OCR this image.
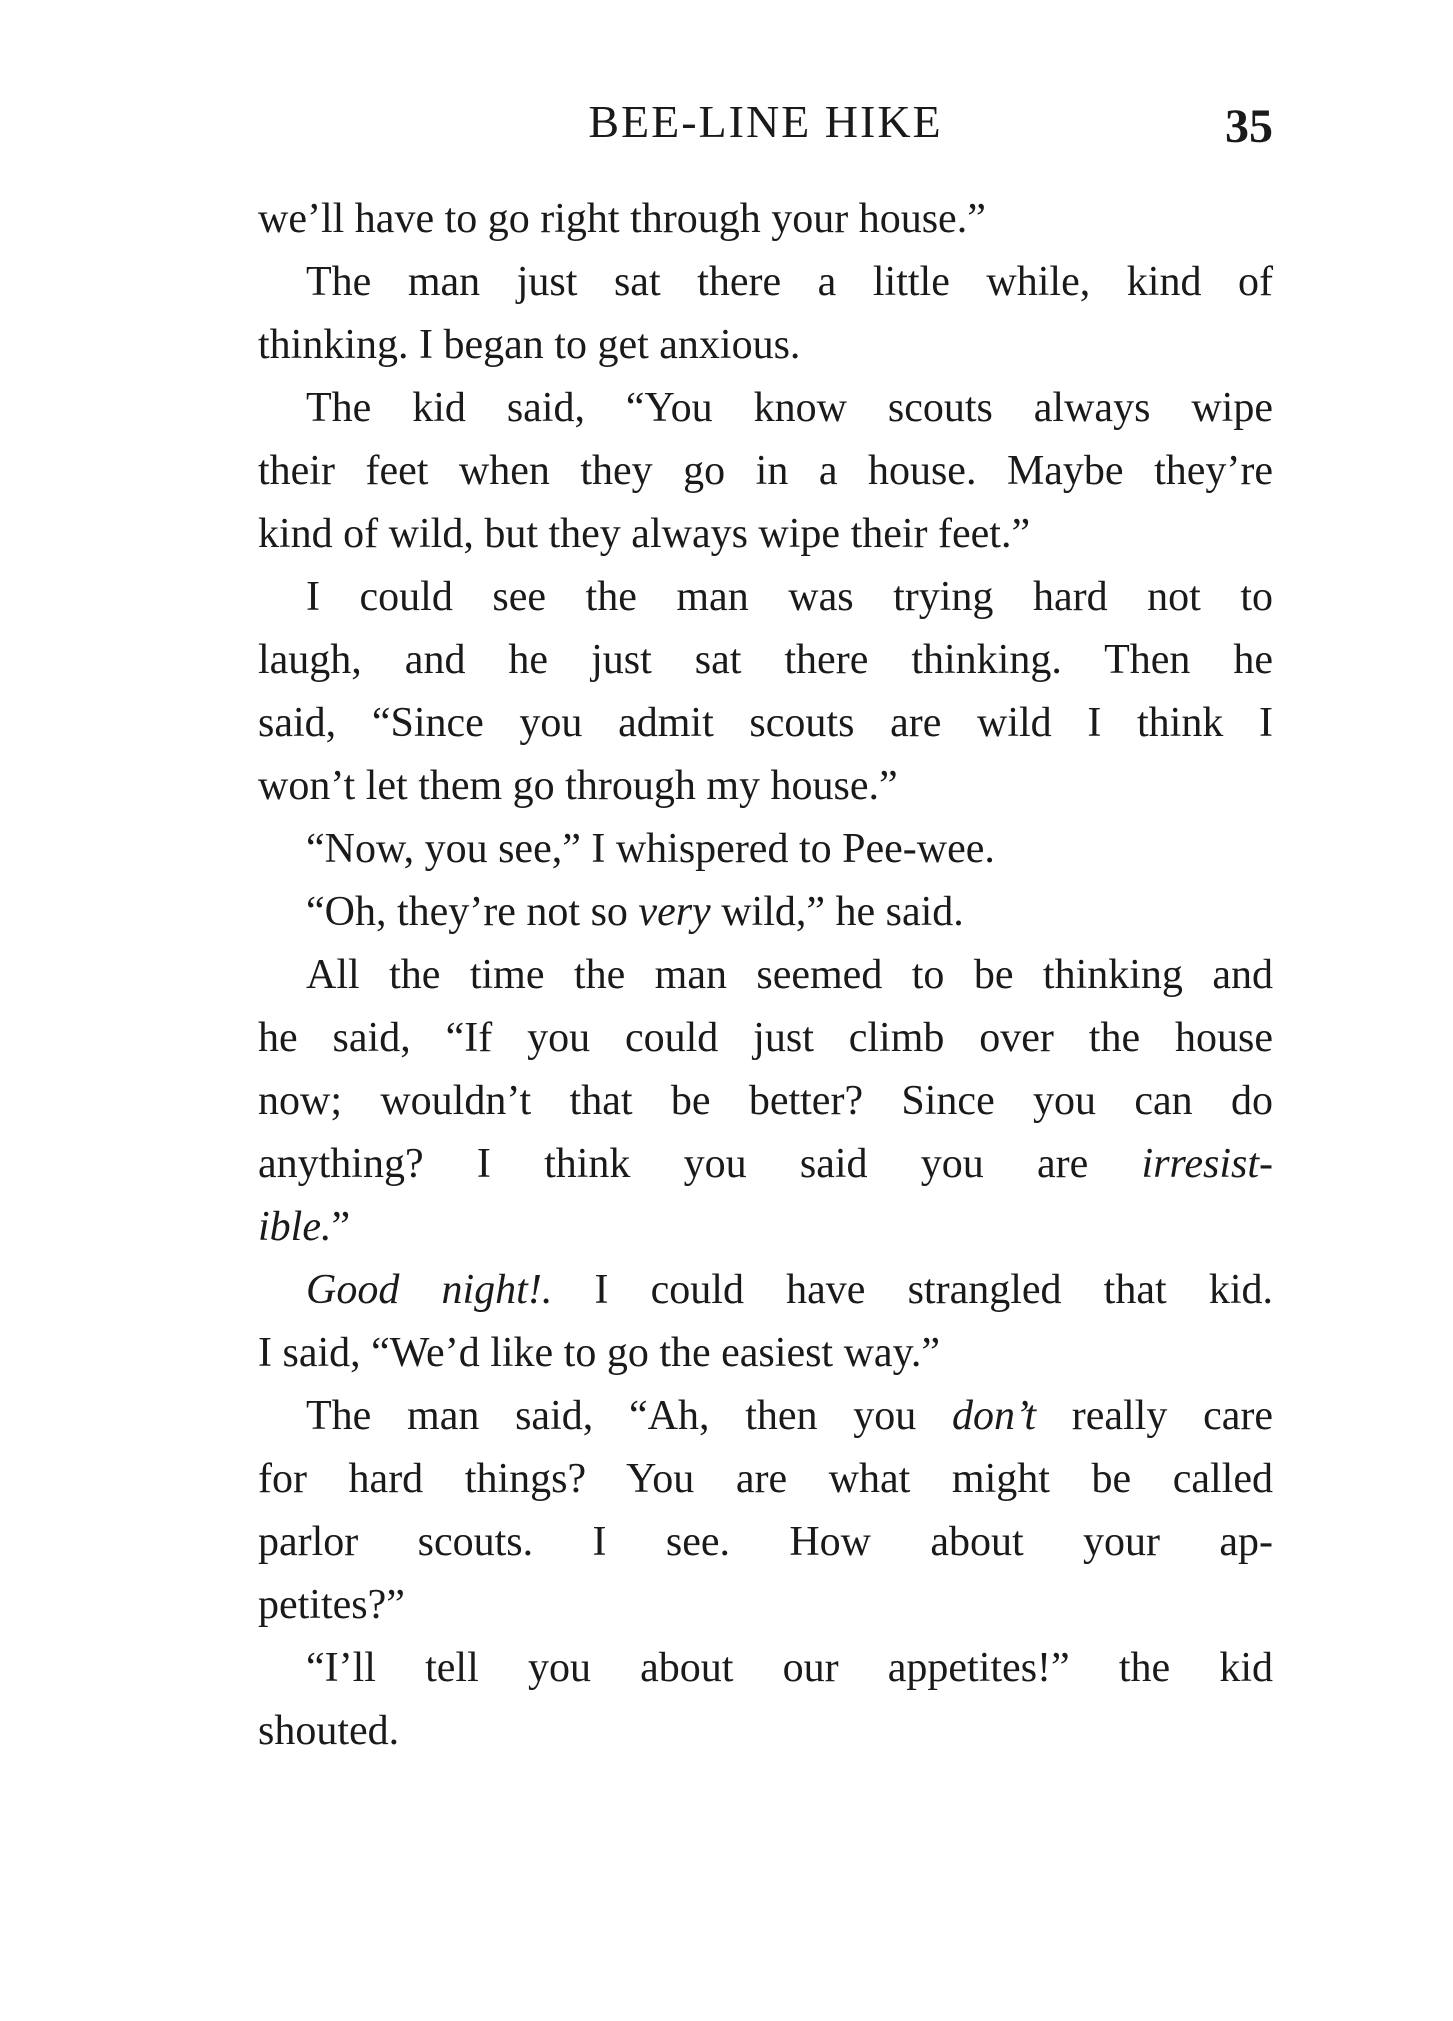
BEE-LINE HIKE	35
we’ll have to go right through your house.”
The man just sat there a little while, kind of
thinking. I began to get anxious.
The kid said, “You know scouts always wipe
their feet when they go in a house. Maybe they’re
kind of wild, but they always wipe their feet.”
I could see the man was trying hard not to
laugh, and he just sat there thinking. Then he
said, “Since you admit scouts are wild I think I
won’t let them go through my house.”
“Now, you see,” I whispered to Pee-wee.
“Oh, they’re not so very wild,” he said.
All the time the man seemed to be thinking and
he said, “If you could just climb over the house
now; wouldn’t that be better? Since you can do
anything? I think you said you are irresist-
ible.”
Good night!. I could have strangled that kid.
I said, “We’d like to go the easiest way.”
The man said, “Ah, then you don’t really care
for hard things? You are what might be called
parlor scouts. I see. How about your ap-
petites?”
“I’ll tell you about our appetites!” the kid
shouted.
